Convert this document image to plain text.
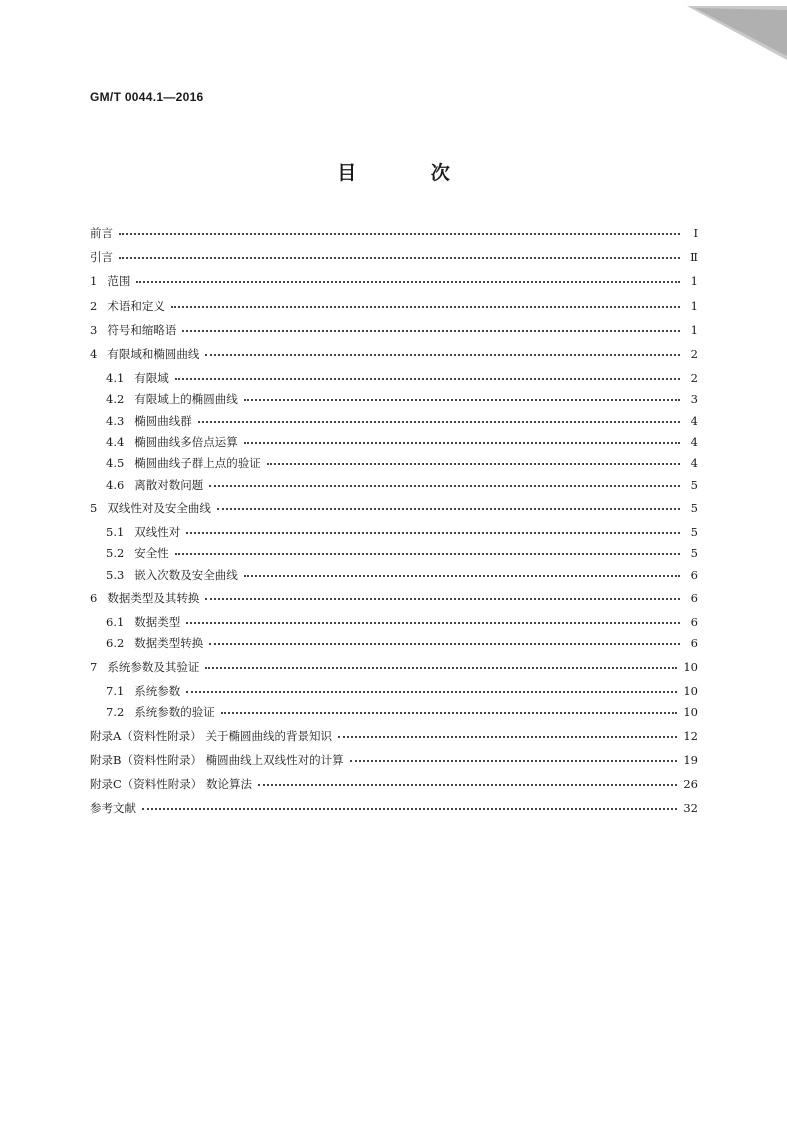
GM/T 0044.1—2016
目 次
前言	Ⅰ
引言	Ⅱ
1 范围	1
2 术语和定义	1
3 符号和缩略语	1
4 有限域和椭圆曲线	2
4.1 有限域	2
4.2 有限域上的椭圆曲线	3
4.3 椭圆曲线群	4
4.4 椭圆曲线多倍点运算	4
4.5 椭圆曲线子群上点的验证	4
4.6 离散对数问题	5
5 双线性对及安全曲线	5
5.1 双线性对	5
5.2 安全性	5
5.3 嵌入次数及安全曲线	6
6 数据类型及其转换	6
6.1 数据类型	6
6.2 数据类型转换	6
7 系统参数及其验证	10
7.1 系统参数	10
7.2 系统参数的验证	10
附录A（资料性附录） 关于椭圆曲线的背景知识	12
附录B（资料性附录） 椭圆曲线上双线性对的计算	19
附录C（资料性附录） 数论算法	26
参考文献	32
